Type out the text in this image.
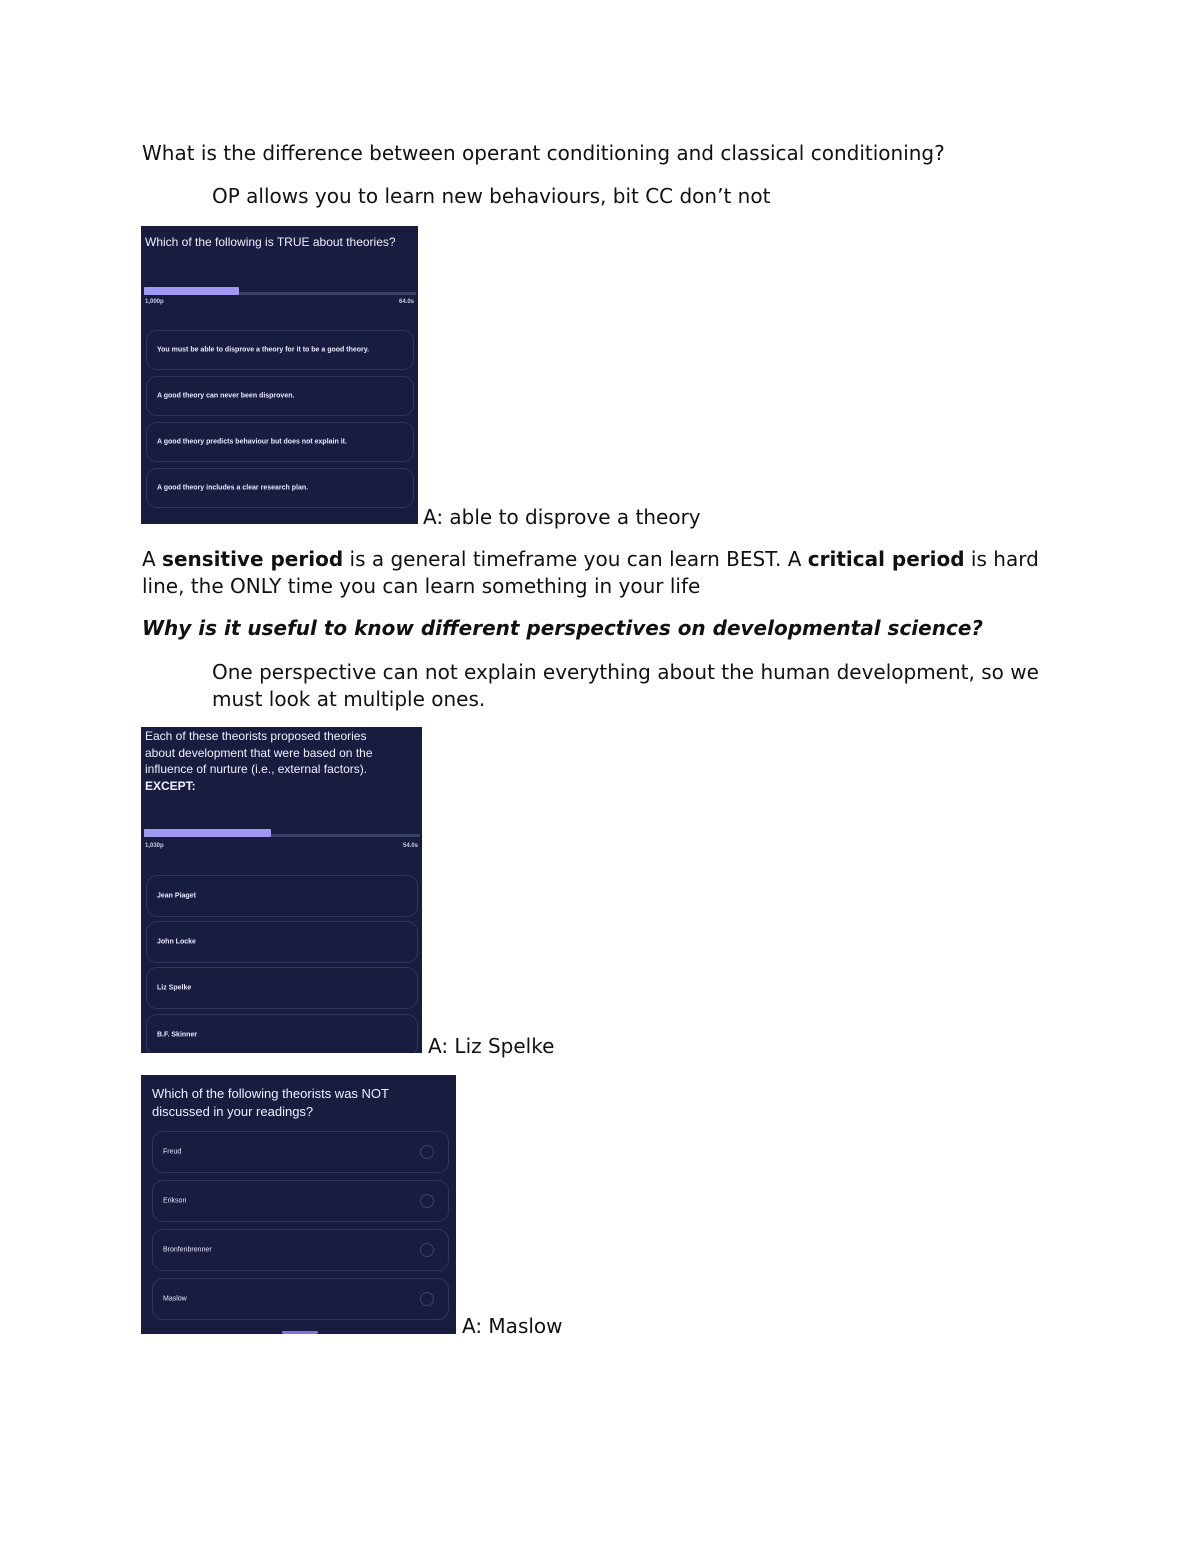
What is the difference between operant conditioning and classical conditioning?
OP allows you to learn new behaviours, bit CC don’t not
Which of the following is TRUE about theories?
1,000p	64.0s
You must be able to disprove a theory for it to be a good theory.
A good theory can never been disproven.
A good theory predicts behaviour but does not explain it.
A good theory includes a clear research plan.
A: able to disprove a theory
A sensitive period is a general timeframe you can learn BEST. A critical period is hard line, the ONLY time you can learn something in your life
Why is it useful to know different perspectives on developmental science?
One perspective can not explain everything about the human development, so we must look at multiple ones.
Each of these theorists proposed theories
about development that were based on the
influence of nurture (i.e., external factors).
EXCEPT:
1,030p	54.0s
Jean Piaget
John Locke
Liz Spelke
B.F. Skinner	A: Liz Spelke
Which of the following theorists was NOT
discussed in your readings?
Freud
Erikson
Bronfenbrenner
Maslow
A: Maslow
